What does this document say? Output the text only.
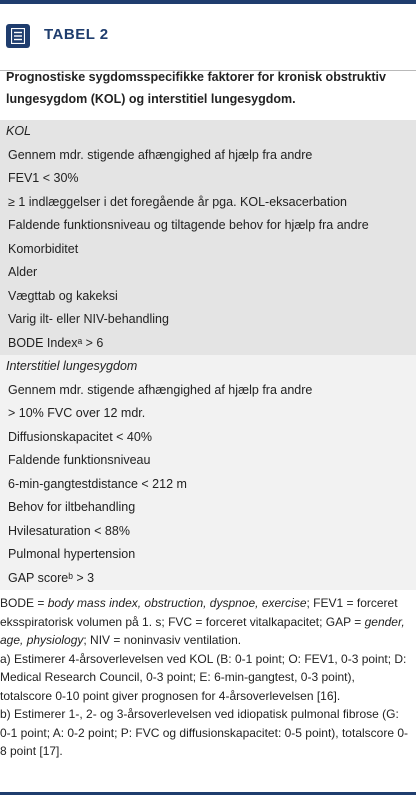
TABEL 2
Prognostiske sygdomsspecifikke faktorer for kronisk obstruktiv lungesygdom (KOL) og interstitiel lungesygdom.
KOL
Gennem mdr. stigende afhængighed af hjælp fra andre
FEV1 < 30%
≥ 1 indlæggelser i det foregående år pga. KOL-eksacerbation
Faldende funktionsniveau og tiltagende behov for hjælp fra andre
Komorbiditet
Alder
Vægttab og kakeksi
Varig ilt- eller NIV-behandling
BODE Indexᵃ > 6
Interstitiel lungesygdom
Gennem mdr. stigende afhængighed af hjælp fra andre
> 10% FVC over 12 mdr.
Diffusionskapacitet < 40%
Faldende funktionsniveau
6-min-gangtestdistance < 212 m
Behov for iltbehandling
Hvilesaturation < 88%
Pulmonal hypertension
GAP scoreᵇ > 3

BODE = body mass index, obstruction, dyspnoe, exercise; FEV1 = forceret eksspiratorisk volumen på 1. s; FVC = forceret vitalkapacitet; GAP = gender, age, physiology; NIV = noninvasiv ventilation.

a) Estimerer 4-årsoverlevelsen ved KOL (B: 0-1 point; O: FEV1, 0-3 point; D: Medical Research Council, 0-3 point; E: 6-min-gangtest, 0-3 point), totalscore 0-10 point giver prognosen for 4-årsoverlevelsen [16].

b) Estimerer 1-, 2- og 3-årsoverlevelsen ved idiopatisk pulmonal fibrose (G: 0-1 point; A: 0-2 point; P: FVC og diffusionskapacitet: 0-5 point), totalscore 0-8 point [17].
